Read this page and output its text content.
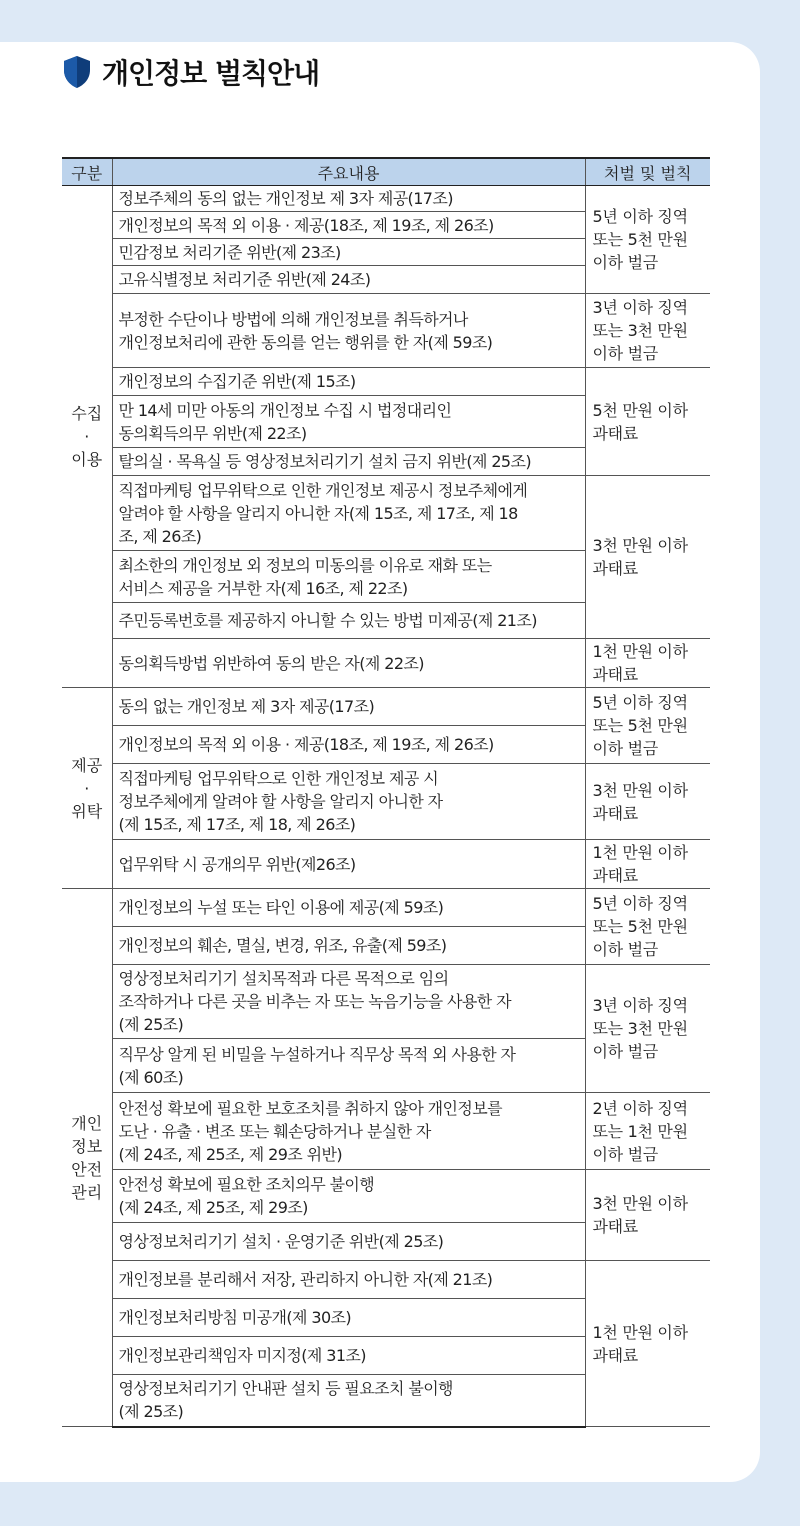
개인정보 벌칙안내
구분	주요내용	처벌 및 벌칙
수집
·
이용	정보주체의 동의 없는 개인정보 제 3자 제공(17조)	5년 이하 징역
또는 5천 만원
이하 벌금
	개인정보의 목적 외 이용 · 제공(18조, 제 19조, 제 26조)	
	민감정보 처리기준 위반(제 23조)	
	고유식별정보 처리기준 위반(제 24조)	
	부정한 수단이나 방법에 의해 개인정보를 취득하거나
개인정보처리에 관한 동의를 얻는 행위를 한 자(제 59조)	3년 이하 징역
또는 3천 만원
이하 벌금
	개인정보의 수집기준 위반(제 15조)	5천 만원 이하
과태료
	만 14세 미만 아동의 개인정보 수집 시 법정대리인
동의획득의무 위반(제 22조)	
	탈의실 · 목욕실 등 영상정보처리기기 설치 금지 위반(제 25조)	
	직접마케팅 업무위탁으로 인한 개인정보 제공시 정보주체에게
알려야 할 사항을 알리지 아니한 자(제 15조, 제 17조, 제 18
조, 제 26조)	3천 만원 이하
과태료
	최소한의 개인정보 외 정보의 미동의를 이유로 재화 또는
서비스 제공을 거부한 자(제 16조, 제 22조)	
	주민등록번호를 제공하지 아니할 수 있는 방법 미제공(제 21조)	
	동의획득방법 위반하여 동의 받은 자(제 22조)	1천 만원 이하
과태료
제공
·
위탁	동의 없는 개인정보 제 3자 제공(17조)	5년 이하 징역
또는 5천 만원
이하 벌금
	개인정보의 목적 외 이용 · 제공(18조, 제 19조, 제 26조)	
	직접마케팅 업무위탁으로 인한 개인정보 제공 시
정보주체에게 알려야 할 사항을 알리지 아니한 자
(제 15조, 제 17조, 제 18, 제 26조)	3천 만원 이하
과태료
	업무위탁 시 공개의무 위반(제26조)	1천 만원 이하
과태료
개인
정보
안전
관리	개인정보의 누설 또는 타인 이용에 제공(제 59조)	5년 이하 징역
또는 5천 만원
이하 벌금
	개인정보의 훼손, 멸실, 변경, 위조, 유출(제 59조)	
	영상정보처리기기 설치목적과 다른 목적으로 임의
조작하거나 다른 곳을 비추는 자 또는 녹음기능을 사용한 자
(제 25조)	3년 이하 징역
또는 3천 만원
이하 벌금
	직무상 알게 된 비밀을 누설하거나 직무상 목적 외 사용한 자
(제 60조)	
	안전성 확보에 필요한 보호조치를 취하지 않아 개인정보를
도난 · 유출 · 변조 또는 훼손당하거나 분실한 자
(제 24조, 제 25조, 제 29조 위반)	2년 이하 징역
또는 1천 만원
이하 벌금
	안전성 확보에 필요한 조치의무 불이행
(제 24조, 제 25조, 제 29조)	3천 만원 이하
과태료
	영상정보처리기기 설치 · 운영기준 위반(제 25조)	
	개인정보를 분리해서 저장, 관리하지 아니한 자(제 21조)	1천 만원 이하
과태료
	개인정보처리방침 미공개(제 30조)	
	개인정보관리책임자 미지정(제 31조)	
	영상정보처리기기 안내판 설치 등 필요조치 불이행
(제 25조)	
